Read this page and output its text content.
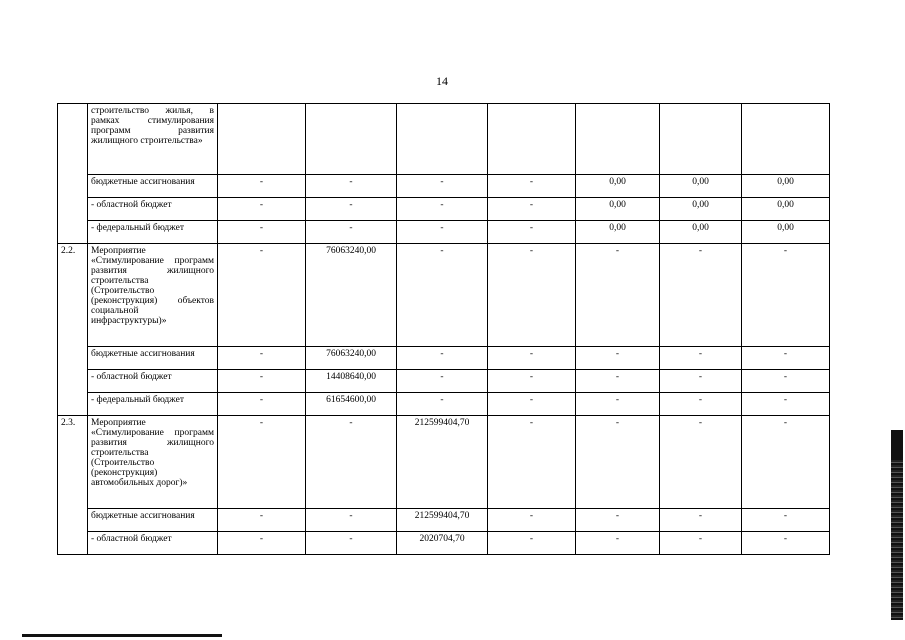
14
	строительство жилья, в рамках стимулирования программ развития жилищного строительства»							
	бюджетные ассигнования	-	-	-	-	0,00	0,00	0,00
	- областной бюджет	-	-	-	-	0,00	0,00	0,00
	- федеральный бюджет	-	-	-	-	0,00	0,00	0,00
2.2.	Мероприятие «Стимулирование программ развития жилищного строительства (Строительство (реконструкция) объектов социальной инфраструктуры)»	-	76063240,00	-	-	-	-	-
	бюджетные ассигнования	-	76063240,00	-	-	-	-	-
	- областной бюджет	-	14408640,00	-	-	-	-	-
	- федеральный бюджет	-	61654600,00	-	-	-	-	-
2.3.	Мероприятие «Стимулирование программ развития жилищного строительства (Строительство (реконструкция) автомобильных дорог)»	-	-	212599404,70	-	-	-	-
	бюджетные ассигнования	-	-	212599404,70	-	-	-	-
	- областной бюджет	-	-	2020704,70	-	-	-	-
